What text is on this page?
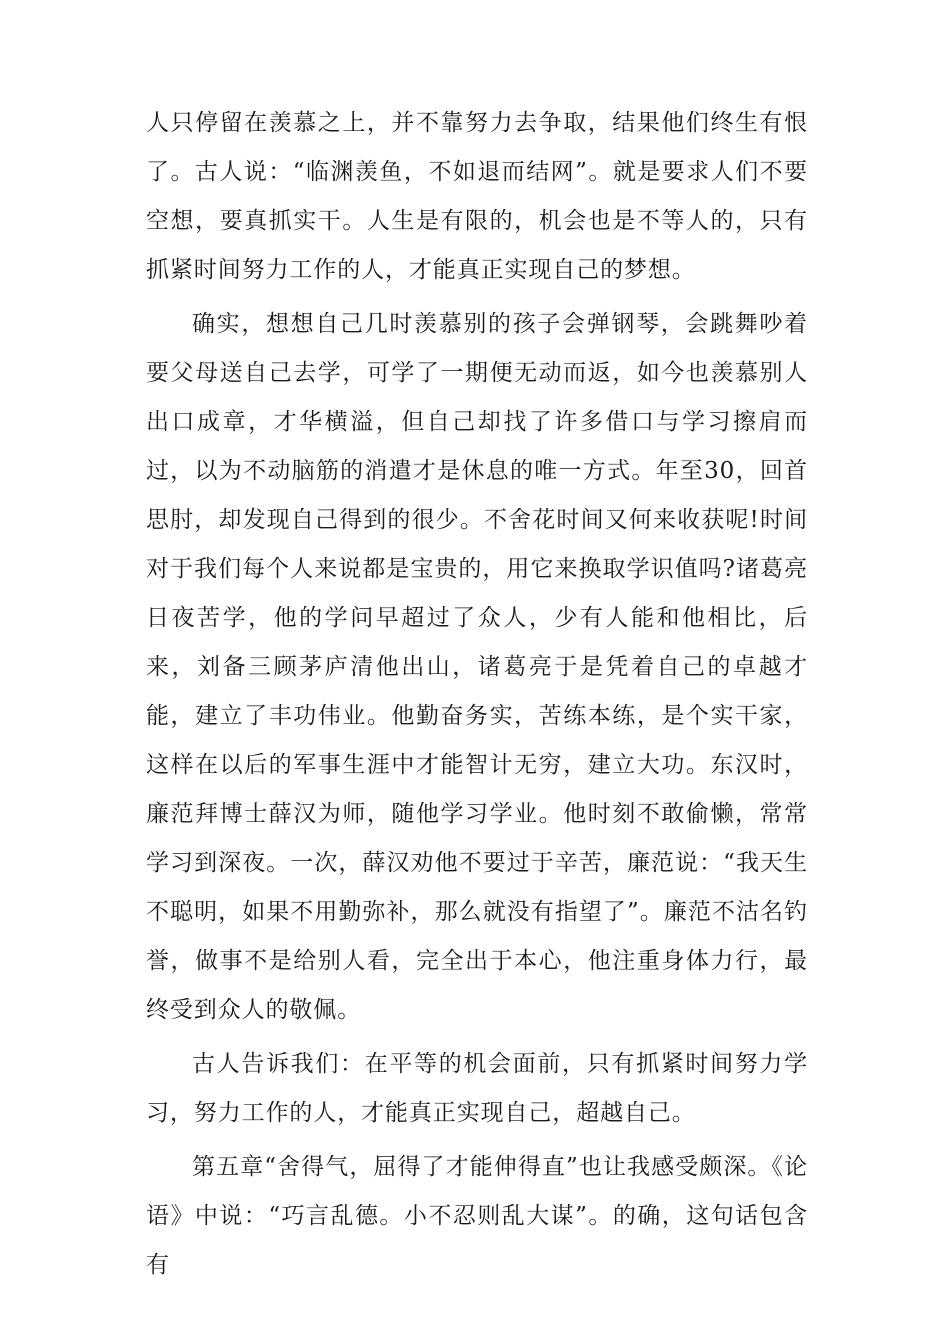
人只停留在羡慕之上，并不靠努力去争取，结果他们终生有恨了。古人说：“临渊羡鱼，不如退而结网”。就是要求人们不要空想，要真抓实干。人生是有限的，机会也是不等人的，只有抓紧时间努力工作的人，才能真正实现自己的梦想。

确实，想想自己几时羡慕别的孩子会弹钢琴，会跳舞吵着要父母送自己去学，可学了一期便无动而返，如今也羡慕别人出口成章，才华横溢，但自己却找了许多借口与学习擦肩而过，以为不动脑筋的消遣才是休息的唯一方式。年至30，回首思肘，却发现自己得到的很少。不舍花时间又何来收获呢!时间对于我们每个人来说都是宝贵的，用它来换取学识值吗?诸葛亮日夜苦学，他的学问早超过了众人，少有人能和他相比，后来，刘备三顾茅庐清他出山，诸葛亮于是凭着自己的卓越才能，建立了丰功伟业。他勤奋务实，苦练本练，是个实干家，这样在以后的军事生涯中才能智计无穷，建立大功。东汉时，廉范拜博士薛汉为师，随他学习学业。他时刻不敢偷懒，常常学习到深夜。一次，薛汉劝他不要过于辛苦，廉范说：“我天生不聪明，如果不用勤弥补，那么就没有指望了”。廉范不沽名钓誉，做事不是给别人看，完全出于本心，他注重身体力行，最终受到众人的敬佩。

古人告诉我们：在平等的机会面前，只有抓紧时间努力学习，努力工作的人，才能真正实现自己，超越自己。

第五章“舍得气，屈得了才能伸得直”也让我感受颇深。《论语》中说：“巧言乱德。小不忍则乱大谋”。的确，这句话包含有
